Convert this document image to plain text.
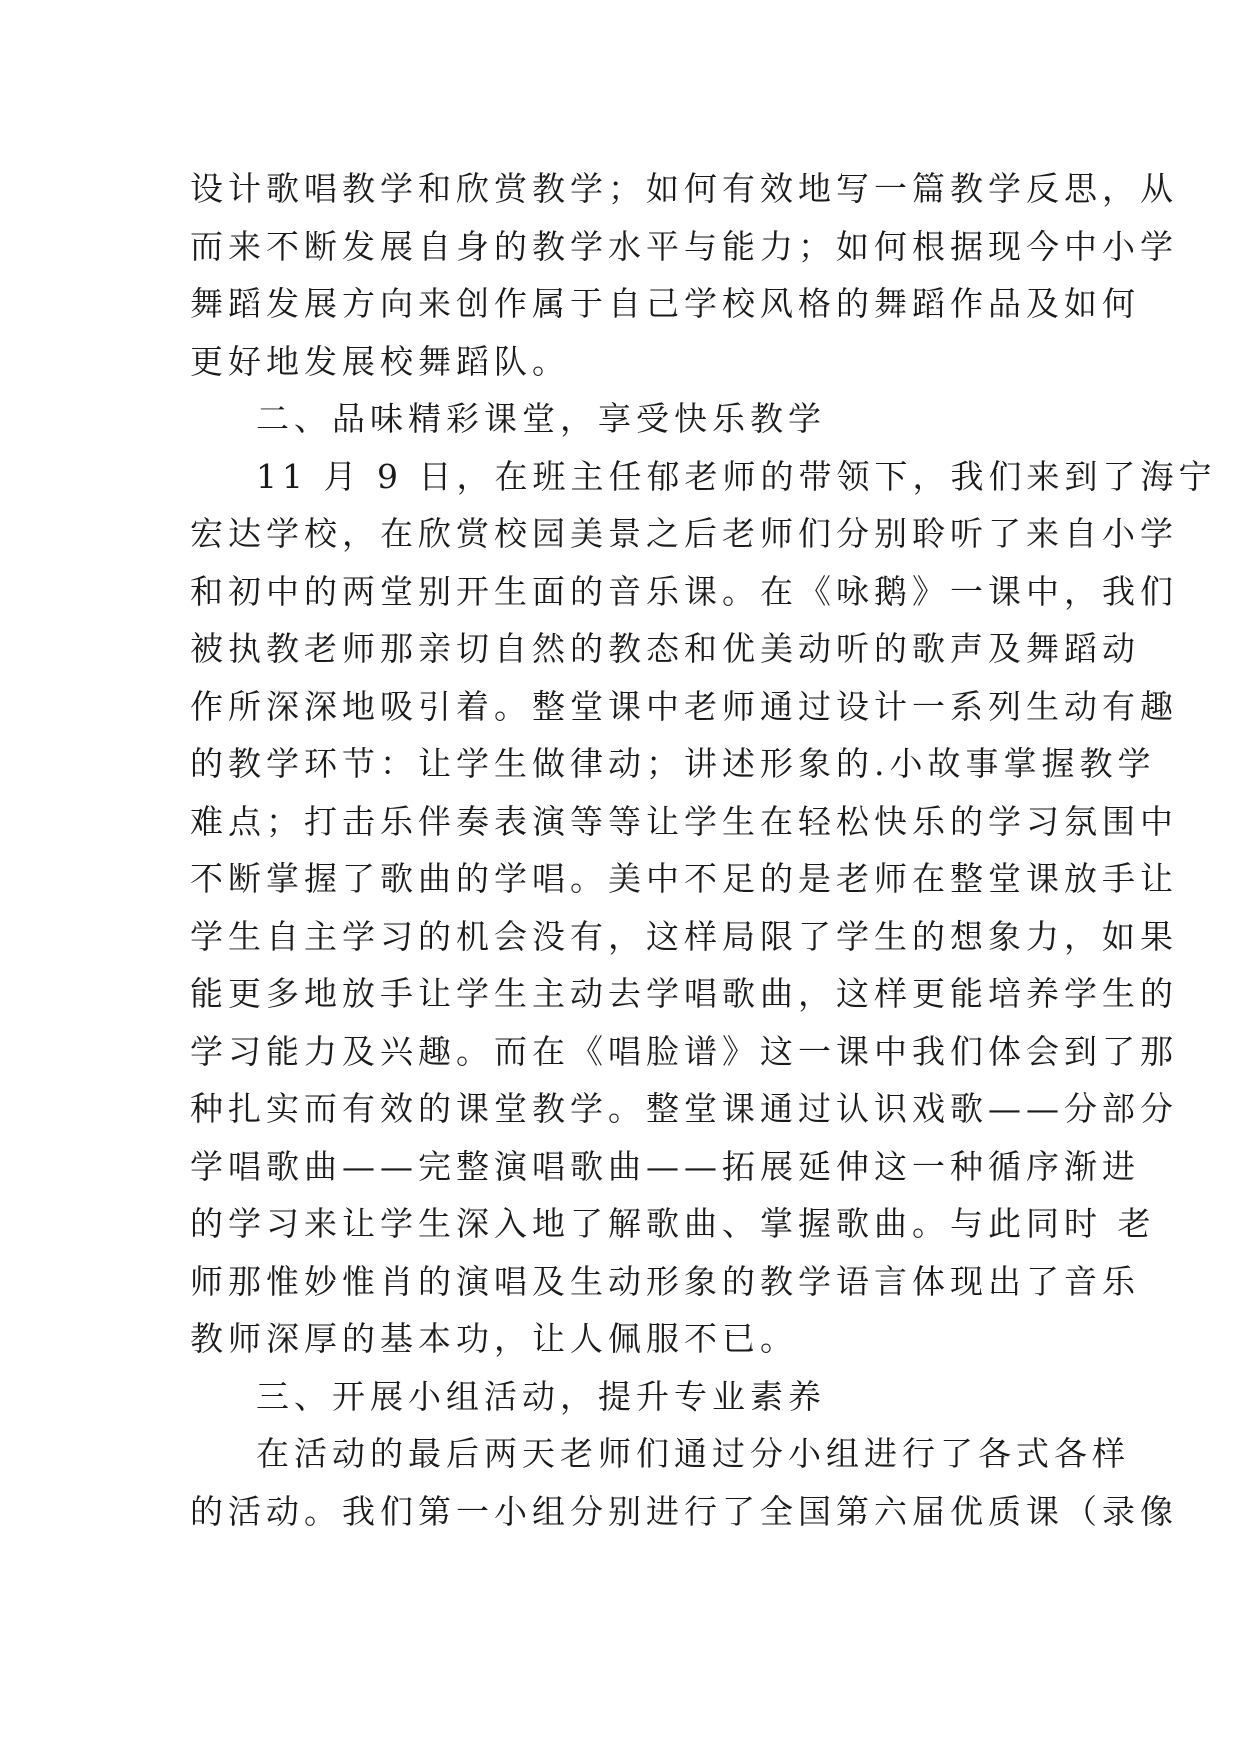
设计歌唱教学和欣赏教学；如何有效地写一篇教学反思，从
而来不断发展自身的教学水平与能力；如何根据现今中小学
舞蹈发展方向来创作属于自己学校风格的舞蹈作品及如何
更好地发展校舞蹈队。
二、品味精彩课堂，享受快乐教学
11 月 9 日，在班主任郁老师的带领下，我们来到了海宁
宏达学校，在欣赏校园美景之后老师们分别聆听了来自小学
和初中的两堂别开生面的音乐课。在《咏鹅》一课中，我们
被执教老师那亲切自然的教态和优美动听的歌声及舞蹈动
作所深深地吸引着。整堂课中老师通过设计一系列生动有趣
的教学环节：让学生做律动；讲述形象的.小故事掌握教学
难点；打击乐伴奏表演等等让学生在轻松快乐的学习氛围中
不断掌握了歌曲的学唱。美中不足的是老师在整堂课放手让
学生自主学习的机会没有，这样局限了学生的想象力，如果
能更多地放手让学生主动去学唱歌曲，这样更能培养学生的
学习能力及兴趣。而在《唱脸谱》这一课中我们体会到了那
种扎实而有效的课堂教学。整堂课通过认识戏歌——分部分
学唱歌曲——完整演唱歌曲——拓展延伸这一种循序渐进
的学习来让学生深入地了解歌曲、掌握歌曲。与此同时 老
师那惟妙惟肖的演唱及生动形象的教学语言体现出了音乐
教师深厚的基本功，让人佩服不已。
三、开展小组活动，提升专业素养
在活动的最后两天老师们通过分小组进行了各式各样
的活动。我们第一小组分别进行了全国第六届优质课（录像
